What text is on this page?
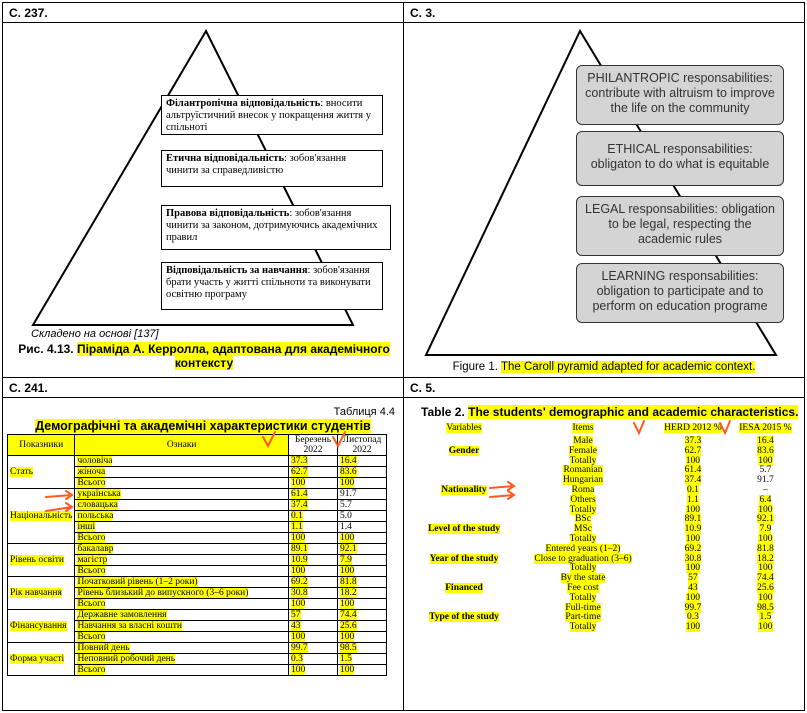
С. 237.
Філантропічна відповідальність: вносити альтруїстичний внесок у покращення життя у спільноті
Етична відповідальність: зобов'язання чинити за справедливістю
Правова відповідальність: зобов'язання чинити за законом, дотримуючись академічних правил
Відповідальність за навчання: зобов'язання брати участь у житті спільноти та виконувати освітню програму
Складено на основі [137]
Рис. 4.13. Піраміда А. Керролла, адаптована для академічного контексту
С. 3.
PHILANTROPIC responsabilities: contribute with altruism to improve the life on the community
ETHICAL responsabilities: obligaton to do what is equitable
LEGAL responsabilities: obligation to be legal, respecting the academic rules
LEARNING responsabilities: obligation to participate and to perform on education programe
Figure 1. The Caroll pyramid adapted for academic context.
С. 241.
Таблиця 4.4
Демографічні та академічні характеристики студентів
Показники	Ознаки	Березень 2022	Листопад 2022
Стать	чоловіча	37.3	16.4
	жіноча	62.7	83.6
	Всього	100	100
Національність	українська	61.4	91.7
	словацька	37.4	5.7
	польська	0.1	5.0
	інші	1.1	1.4
	Всього	100	100
Рівень освіти	бакалавр	89.1	92.1
	магістр	10.9	7.9
	Всього	100	100
Рік навчання	Початковий рівень (1–2 роки)	69.2	81.8
	Рівень близький до випускного (3–6 роки)	30.8	18.2
	Всього	100	100
Фінансування	Державне замовлення	57	74.4
	Навчання за власні кошти	43	25.6
	Всього	100	100
Форма участі	Повний день	99.7	98.5
	Неповний робочий день	0.3	1.5
	Всього	100	100
С. 5.
Table 2. The students' demographic and academic characteristics.
Variables	Items	HERD 2012 %	IESA 2015 %
Gender	Male	37.3	16.4
	Female	62.7	83.6
	Totally	100	100
Nationality	Romanian	61.4	5.7
	Hungarian	37.4	91.7
	Roma	0.1	–
	Others	1.1	6.4
	Totally	100	100
Level of the study	BSc	89.1	92.1
	MSc	10.9	7.9
	Totally	100	100
Year of the study	Entered years (1–2)	69.2	81.8
	Close to graduation (3–6)	30.8	18.2
	Totally	100	100
Financed	By the state	57	74.4
	Fee cost	43	25.6
	Totally	100	100
Type of the study	Full-time	99.7	98.5
	Part-time	0.3	1.5
	Totally	100	100
